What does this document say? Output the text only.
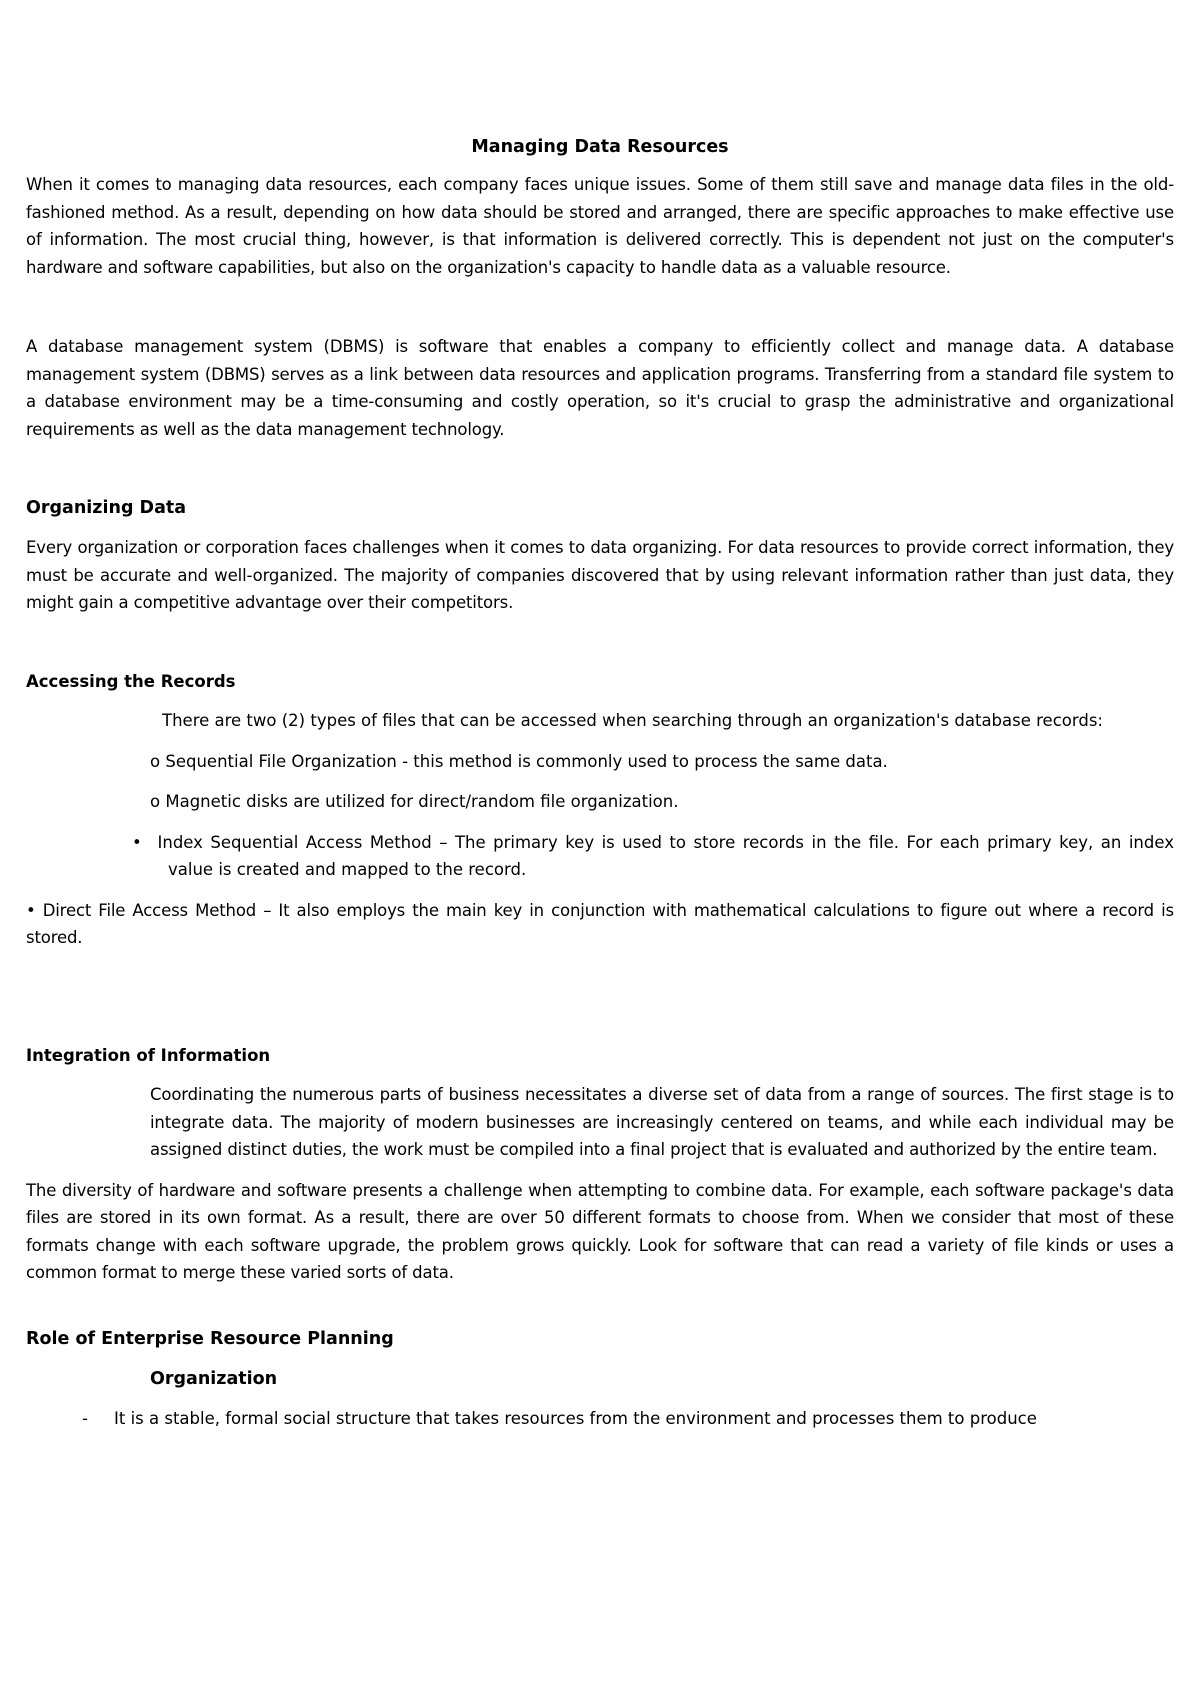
Managing Data Resources

When it comes to managing data resources, each company faces unique issues. Some of them still save and manage data files in the old-fashioned method. As a result, depending on how data should be stored and arranged, there are specific approaches to make effective use of information. The most crucial thing, however, is that information is delivered correctly. This is dependent not just on the computer's hardware and software capabilities, but also on the organization's capacity to handle data as a valuable resource.

A database management system (DBMS) is software that enables a company to efficiently collect and manage data. A database management system (DBMS) serves as a link between data resources and application programs. Transferring from a standard file system to a database environment may be a time-consuming and costly operation, so it's crucial to grasp the administrative and organizational requirements as well as the data management technology.

Organizing Data

Every organization or corporation faces challenges when it comes to data organizing. For data resources to provide correct information, they must be accurate and well-organized. The majority of companies discovered that by using relevant information rather than just data, they might gain a competitive advantage over their competitors.

Accessing the Records

There are two (2) types of files that can be accessed when searching through an organization's database records:

o Sequential File Organization - this method is commonly used to process the same data.

o Magnetic disks are utilized for direct/random file organization.

• Index Sequential Access Method – The primary key is used to store records in the file. For each primary key, an index value is created and mapped to the record.

• Direct File Access Method – It also employs the main key in conjunction with mathematical calculations to figure out where a record is stored.

Integration of Information

Coordinating the numerous parts of business necessitates a diverse set of data from a range of sources. The first stage is to integrate data. The majority of modern businesses are increasingly centered on teams, and while each individual may be assigned distinct duties, the work must be compiled into a final project that is evaluated and authorized by the entire team.

The diversity of hardware and software presents a challenge when attempting to combine data. For example, each software package's data files are stored in its own format. As a result, there are over 50 different formats to choose from. When we consider that most of these formats change with each software upgrade, the problem grows quickly. Look for software that can read a variety of file kinds or uses a common format to merge these varied sorts of data.

Role of Enterprise Resource Planning
Organization
-	It is a stable, formal social structure that takes resources from the environment and processes them to produce
